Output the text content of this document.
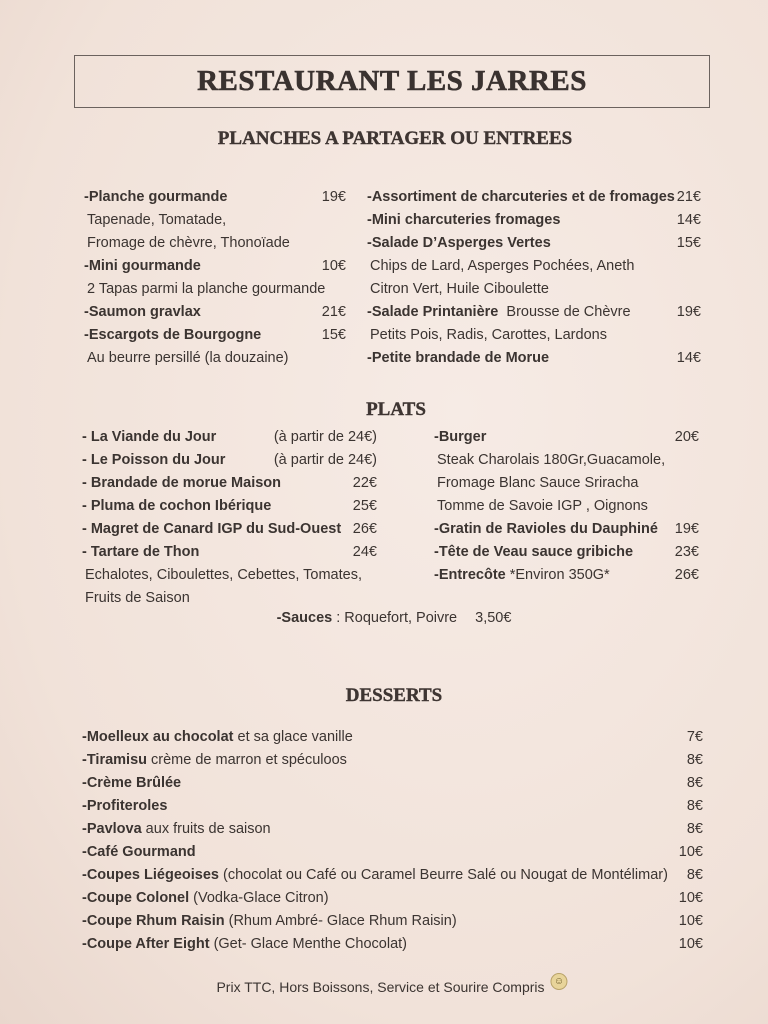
RESTAURANT LES JARRES
PLANCHES A PARTAGER OU ENTREES
-Planche gourmande	19€
Tapenade, Tomatade,
Fromage de chèvre, Thonoïade
-Mini gourmande	10€
2 Tapas parmi la planche gourmande
-Saumon gravlax	21€
-Escargots de Bourgogne	15€
Au beurre persillé (la douzaine)
-Assortiment de charcuteries et de fromages 21€
-Mini charcuteries fromages	14€
-Salade D’Asperges Vertes	15€
Chips de Lard, Asperges Pochées, Aneth
Citron Vert, Huile Ciboulette
-Salade Printanière  Brousse de Chèvre	19€
Petits Pois, Radis, Carottes, Lardons
-Petite brandade de Morue	14€
PLATS
- La Viande du Jour	(à partir de 24€)
- Le Poisson du Jour	(à partir de 24€)
- Brandade de morue Maison	22€
- Pluma de cochon Ibérique	25€
- Magret de Canard IGP du Sud-Ouest 26€
- Tartare de Thon	24€
Echalotes, Ciboulettes, Cebettes, Tomates,
Fruits de Saison
-Burger	20€
Steak Charolais 180Gr,Guacamole,
Fromage Blanc Sauce Sriracha
Tomme de Savoie IGP , Oignons
-Gratin de Ravioles du Dauphiné 19€
-Tête de Veau sauce gribiche	23€
-Entrecôte *Environ 350G*	26€
-Sauces : Roquefort, Poivre 3,50€
DESSERTS
-Moelleux au chocolat et sa glace vanille	7€
-Tiramisu crème de marron et spéculoos	8€
-Crème Brûlée	8€
-Profiteroles	8€
-Pavlova aux fruits de saison	8€
-Café Gourmand	10€
-Coupes Liégeoises (chocolat ou Café ou Caramel Beurre Salé ou Nougat de Montélimar) 8€
-Coupe Colonel (Vodka-Glace Citron)	10€
-Coupe Rhum Raisin (Rhum Ambré- Glace Rhum Raisin)	10€
-Coupe After Eight (Get- Glace Menthe Chocolat)	10€
Prix TTC, Hors Boissons, Service et Sourire Compris ☺
